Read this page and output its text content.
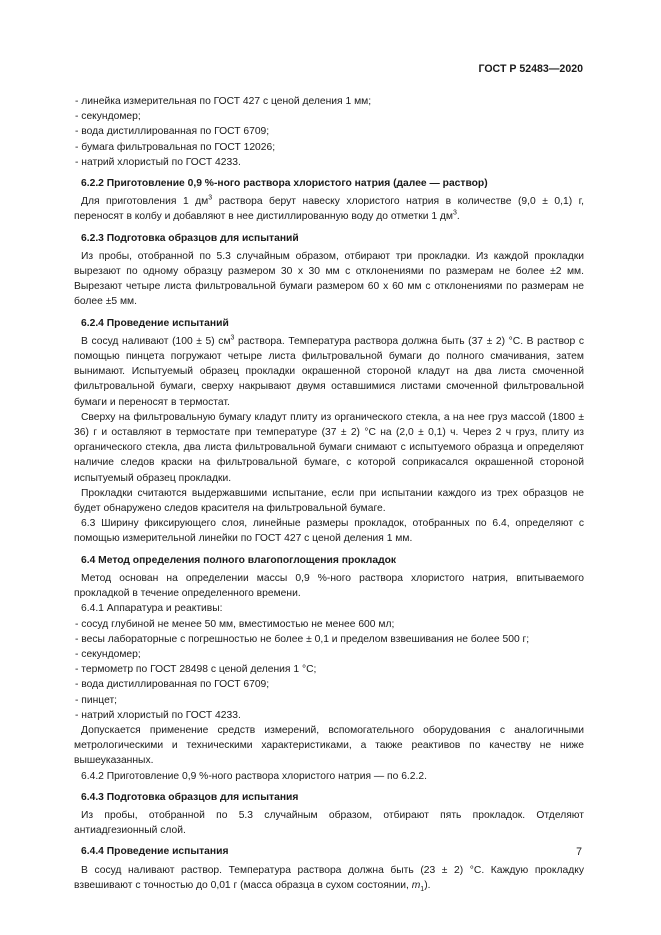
ГОСТ Р 52483—2020

- линейка измерительная по ГОСТ 427 с ценой деления 1 мм;

- секундомер;

- вода дистиллированная по ГОСТ 6709;

- бумага фильтровальная по ГОСТ 12026;

- натрий хлористый по ГОСТ 4233.

6.2.2 Приготовление 0,9 %-ного раствора хлористого натрия (далее — раствор)

Для приготовления 1 $дм^3$ раствора берут навеску хлористого натрия в количестве (9,0 ± 0,1) г, переносят в колбу и добавляют в нее дистиллированную воду до отметки 1 $дм^3$.

6.2.3 Подготовка образцов для испытаний

Из пробы, отобранной по 5.3 случайным образом, отбирают три прокладки. Из каждой прокладки вырезают по одному образцу размером 30 х 30 мм с отклонениями по размерам не более ±2 мм. Вырезают четыре листа фильтровальной бумаги размером 60 х 60 мм с отклонениями по размерам не более ±5 мм.

6.2.4 Проведение испытаний

В сосуд наливают (100 ± 5) $см^3$ раствора. Температура раствора должна быть (37 ± 2) °С. В раствор с помощью пинцета погружают четыре листа фильтровальной бумаги до полного смачивания, затем вынимают. Испытуемый образец прокладки окрашенной стороной кладут на два листа смоченной фильтровальной бумаги, сверху накрывают двумя оставшимися листами смоченной фильтровальной бумаги и переносят в термостат.

Сверху на фильтровальную бумагу кладут плиту из органического стекла, а на нее груз массой (1800 ± 36) г и оставляют в термостате при температуре (37 ± 2) °С на (2,0 ± 0,1) ч. Через 2 ч груз, плиту из органического стекла, два листа фильтровальной бумаги снимают с испытуемого образца и определяют наличие следов краски на фильтровальной бумаге, с которой соприкасался окрашенной стороной испытуемый образец прокладки.

Прокладки считаются выдержавшими испытание, если при испытании каждого из трех образцов не будет обнаружено следов красителя на фильтровальной бумаге.

6.3 Ширину фиксирующего слоя, линейные размеры прокладок, отобранных по 6.4, определяют с помощью измерительной линейки по ГОСТ 427 с ценой деления 1 мм.

6.4 Метод определения полного влагопоглощения прокладок

Метод основан на определении массы 0,9 %-ного раствора хлористого натрия, впитываемого прокладкой в течение определенного времени.

6.4.1 Аппаратура и реактивы:

- сосуд глубиной не менее 50 мм, вместимостью не менее 600 мл;

- весы лабораторные с погрешностью не более ± 0,1 и пределом взвешивания не более 500 г;

- секундомер;

- термометр по ГОСТ 28498 с ценой деления 1 °С;

- вода дистиллированная по ГОСТ 6709;

- пинцет;

- натрий хлористый по ГОСТ 4233.

Допускается применение средств измерений, вспомогательного оборудования с аналогичными метрологическими и техническими характеристиками, а также реактивов по качеству не ниже вышеуказанных.

6.4.2 Приготовление 0,9 %-ного раствора хлористого натрия — по 6.2.2.

6.4.3 Подготовка образцов для испытания

Из пробы, отобранной по 5.3 случайным образом, отбирают пять прокладок. Отделяют антиадгезионный слой.

6.4.4 Проведение испытания

В сосуд наливают раствор. Температура раствора должна быть (23 ± 2) °С. Каждую прокладку взвешивают с точностью до 0,01 г (масса образца в сухом состоянии, $m_1$).

7
